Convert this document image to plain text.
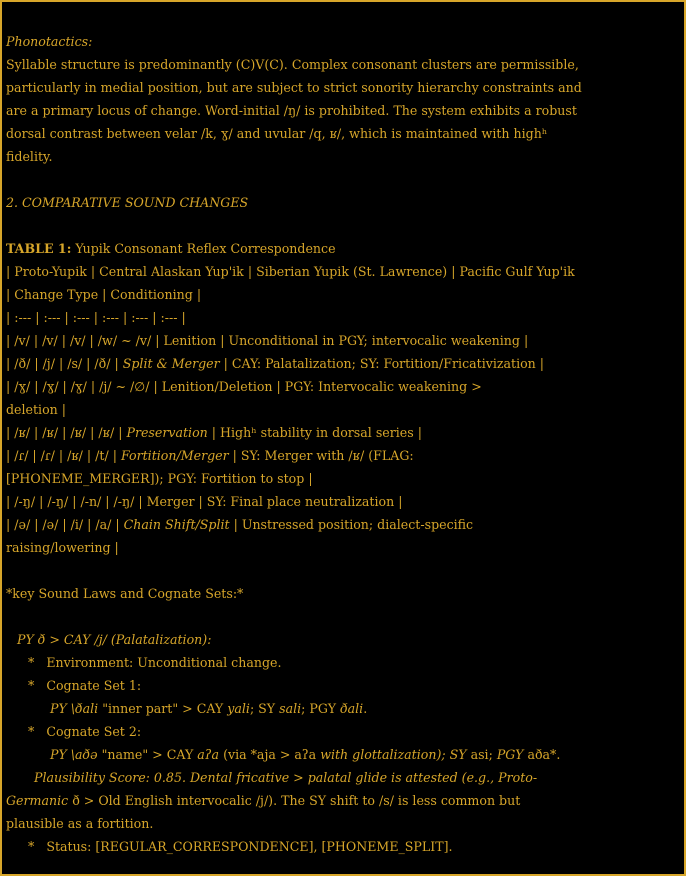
Phonotactics:
Syllable structure is predominantly (C)V(C). Complex consonant clusters are permissible,
particularly in medial position, but are subject to strict sonority hierarchy constraints and
are a primary locus of change. Word-initial /ŋ/ is prohibited. The system exhibits a robust
dorsal contrast between velar /k, ɣ/ and uvular /q, ʁ/, which is maintained with highʰ
fidelity.
2. COMPARATIVE SOUND CHANGES
TABLE 1: Yupik Consonant Reflex Correspondence
| Proto-Yupik | Central Alaskan Yup'ik | Siberian Yupik (St. Lawrence) | Pacific Gulf Yup'ik
| Change Type | Conditioning |
| :--- | :--- | :--- | :--- | :--- | :--- |
| /v/ | /v/ | /v/ | /w/ ~ /v/ | Lenition | Unconditional in PGY; intervocalic weakening |
| /ð/ | /j/ | /s/ | /ð/ | Split & Merger | CAY: Palatalization; SY: Fortition/Fricativization |
| /ɣ/ | /ɣ/ | /ɣ/ | /j/ ~ /∅/ | Lenition/Deletion | PGY: Intervocalic weakening >
deletion |
| /ʁ/ | /ʁ/ | /ʁ/ | /ʁ/ | Preservation | Highʰ stability in dorsal series |
| /ɾ/ | /ɾ/ | /ʁ/ | /t/ | Fortition/Merger | SY: Merger with /ʁ/ (FLAG:
[PHONEME_MERGER]); PGY: Fortition to stop |
| /-ŋ/ | /-ŋ/ | /-n/ | /-ŋ/ | Merger | SY: Final place neutralization |
| /ə/ | /ə/ | /i/ | /a/ | Chain Shift/Split | Unstressed position; dialect-specific
raising/lowering |
*key Sound Laws and Cognate Sets:*
PY ð > CAY /j/ (Palatalization):
* Environment: Unconditional change.
* Cognate Set 1:
PY \ðali "inner part" > CAY yali; SY sali; PGY ðali.
* Cognate Set 2:
PY \aðə "name" > CAY aʔa (via *aja > aʔa with glottalization); SY asi; PGY aða*.
Plausibility Score: 0.85. Dental fricative > palatal glide is attested (e.g., Proto-
Germanic ð > Old English intervocalic /j/). The SY shift to /s/ is less common but
plausible as a fortition.
* Status: [REGULAR_CORRESPONDENCE], [PHONEME_SPLIT].
